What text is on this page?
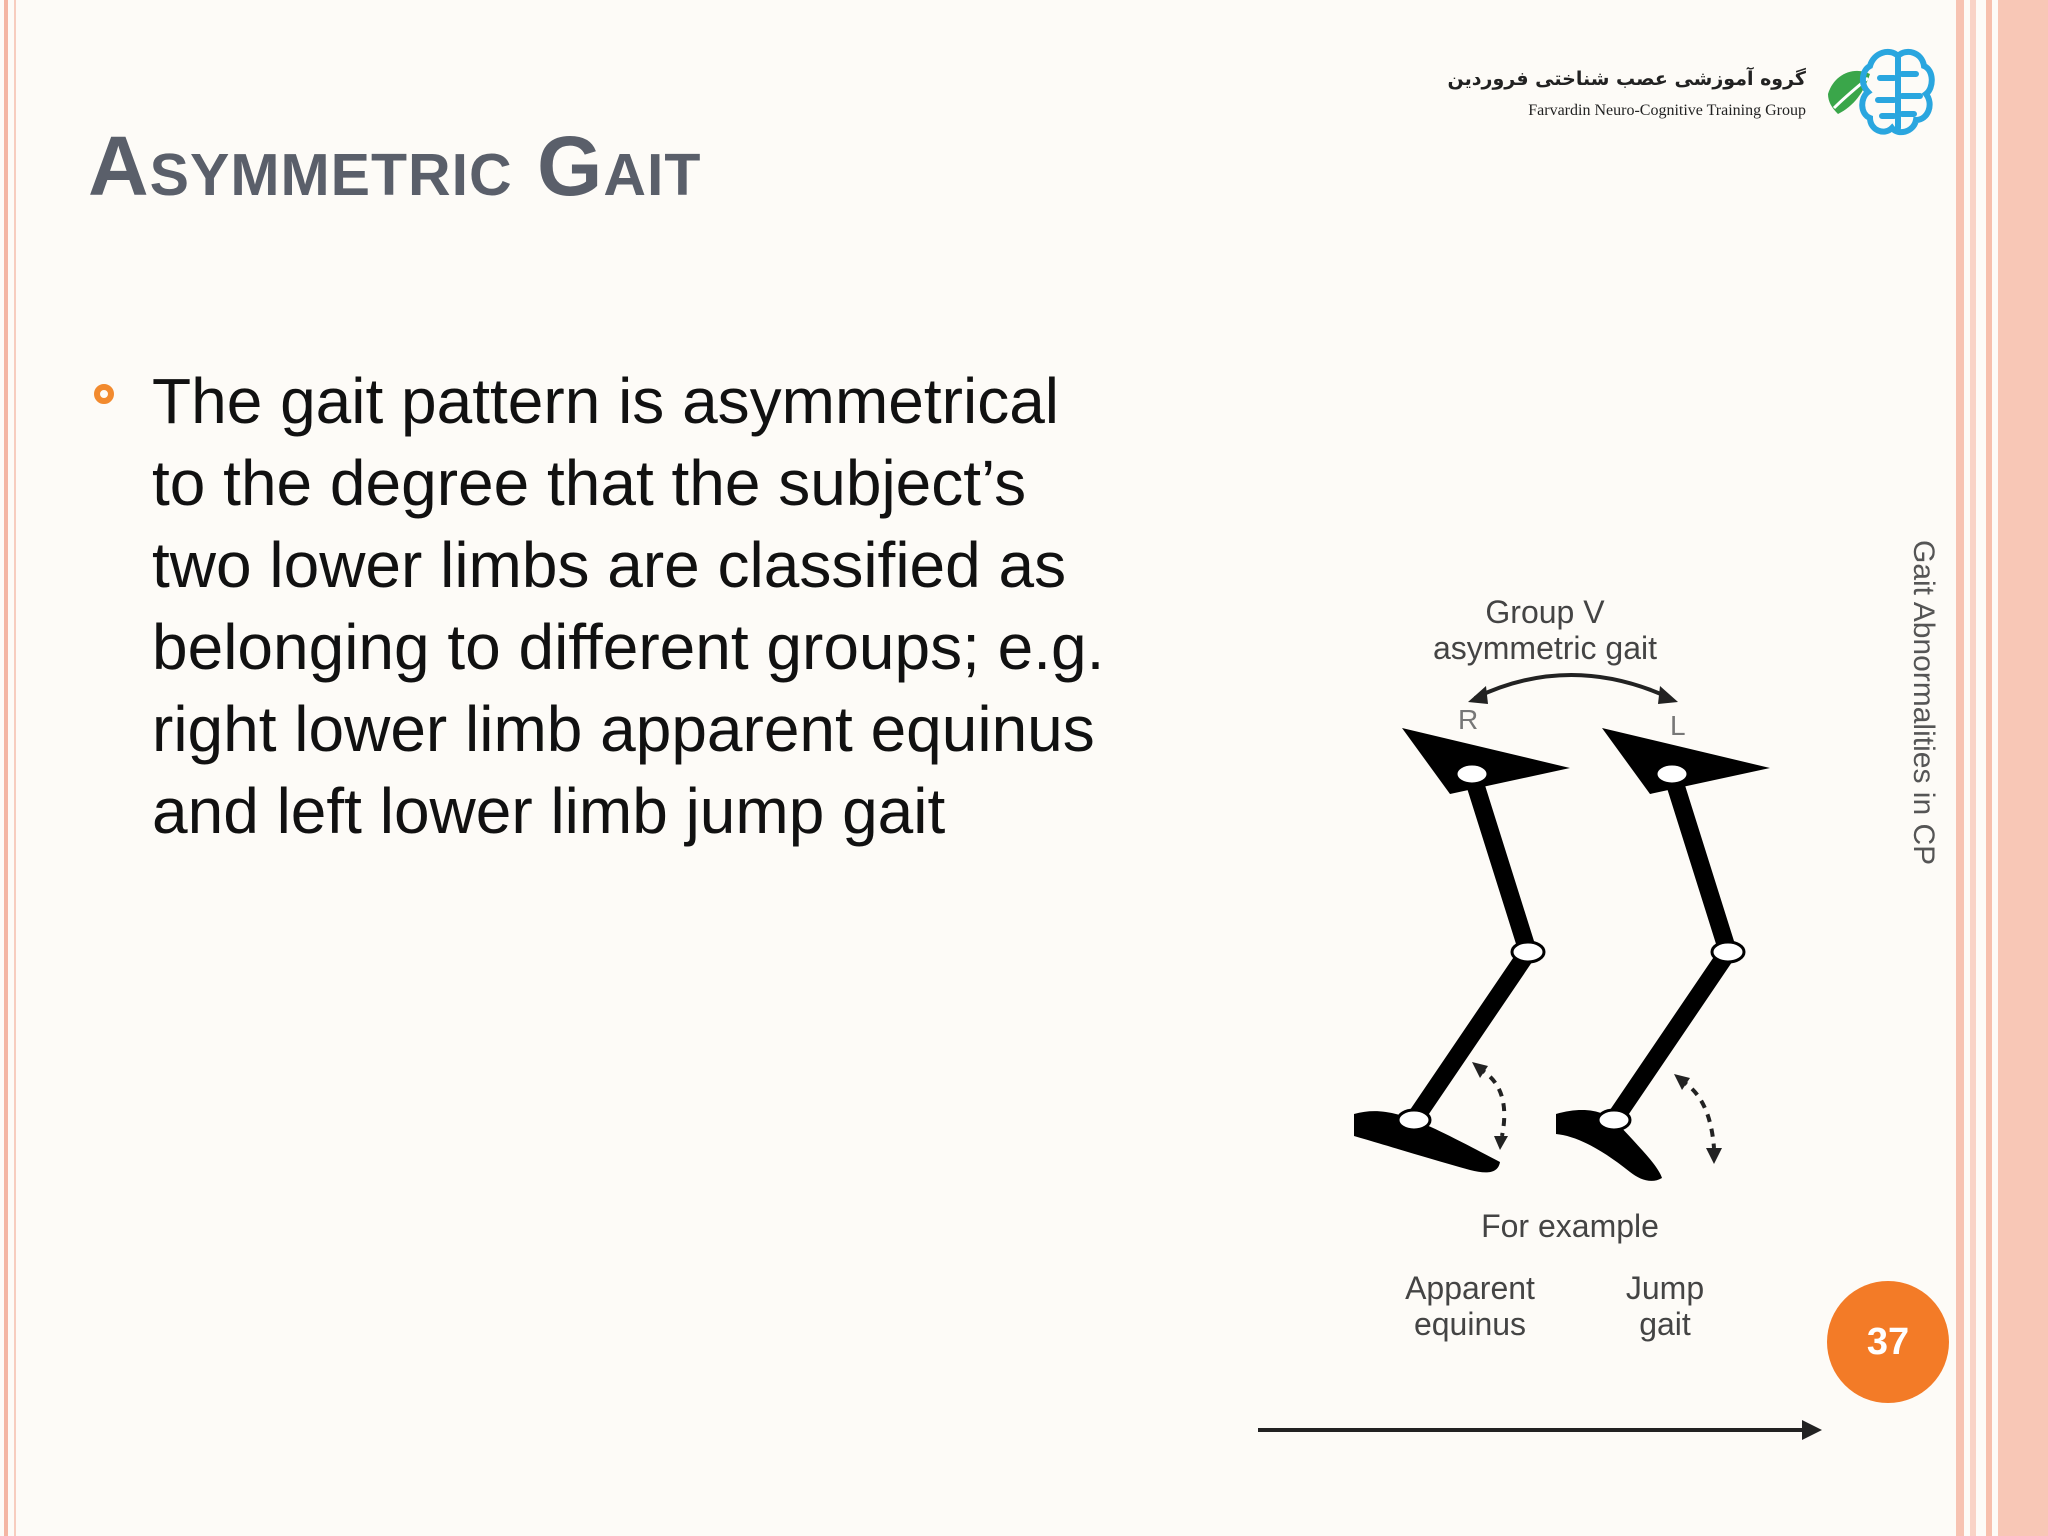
Asymmetric Gait
گروه آموزشی عصب شناختی فروردین
Farvardin Neuro-Cognitive Training Group

The gait pattern is asymmetrical
to the degree that the subject’s
two lower limbs are classified as
belonging to different groups; e.g.
right lower limb apparent equinus
and left lower limb jump gait	Gait Abnormalities in CP
37
Group V
asymmetric gait
R	L
For example
Apparent
equinus
Jump
gait
